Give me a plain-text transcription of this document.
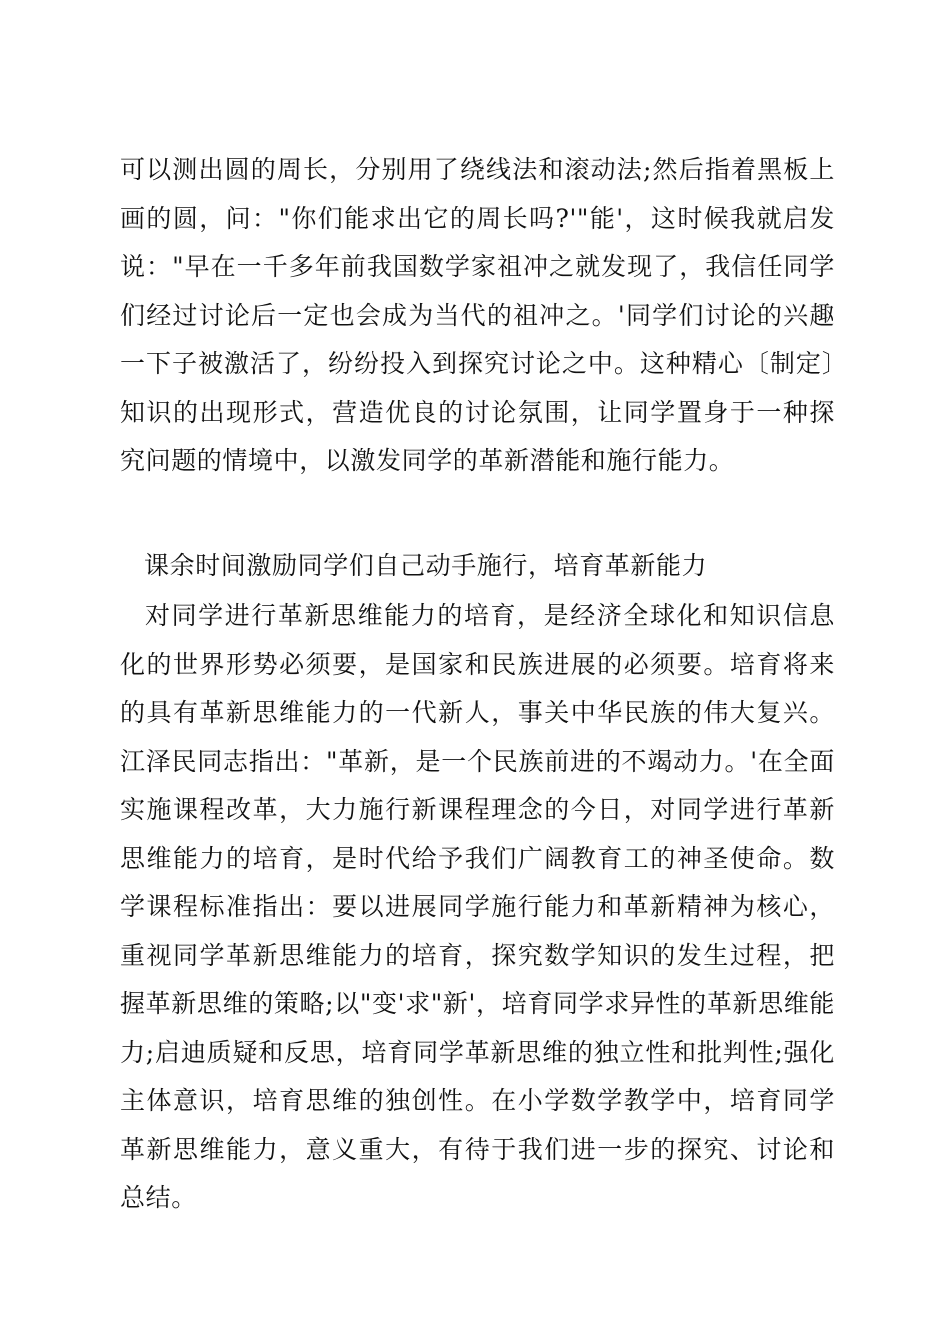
可以测出圆的周长，分别用了绕线法和滚动法;然后指着黑板上画的圆，问："你们能求出它的周长吗?'"能'，这时候我就启发说："早在一千多年前我国数学家祖冲之就发现了，我信任同学们经过讨论后一定也会成为当代的祖冲之。'同学们讨论的兴趣一下子被激活了，纷纷投入到探究讨论之中。这种精心〔制定〕知识的出现形式，营造优良的讨论氛围，让同学置身于一种探究问题的情境中，以激发同学的革新潜能和施行能力。

课余时间激励同学们自己动手施行，培育革新能力

对同学进行革新思维能力的培育，是经济全球化和知识信息化的世界形势必须要，是国家和民族进展的必须要。培育将来的具有革新思维能力的一代新人，事关中华民族的伟大复兴。江泽民同志指出："革新，是一个民族前进的不竭动力。'在全面实施课程改革，大力施行新课程理念的今日，对同学进行革新思维能力的培育，是时代给予我们广阔教育工的神圣使命。数学课程标准指出：要以进展同学施行能力和革新精神为核心，重视同学革新思维能力的培育，探究数学知识的发生过程，把握革新思维的策略;以"变'求"新'，培育同学求异性的革新思维能力;启迪质疑和反思，培育同学革新思维的独立性和批判性;强化主体意识，培育思维的独创性。在小学数学教学中，培育同学革新思维能力，意义重大，有待于我们进一步的探究、讨论和总结。
